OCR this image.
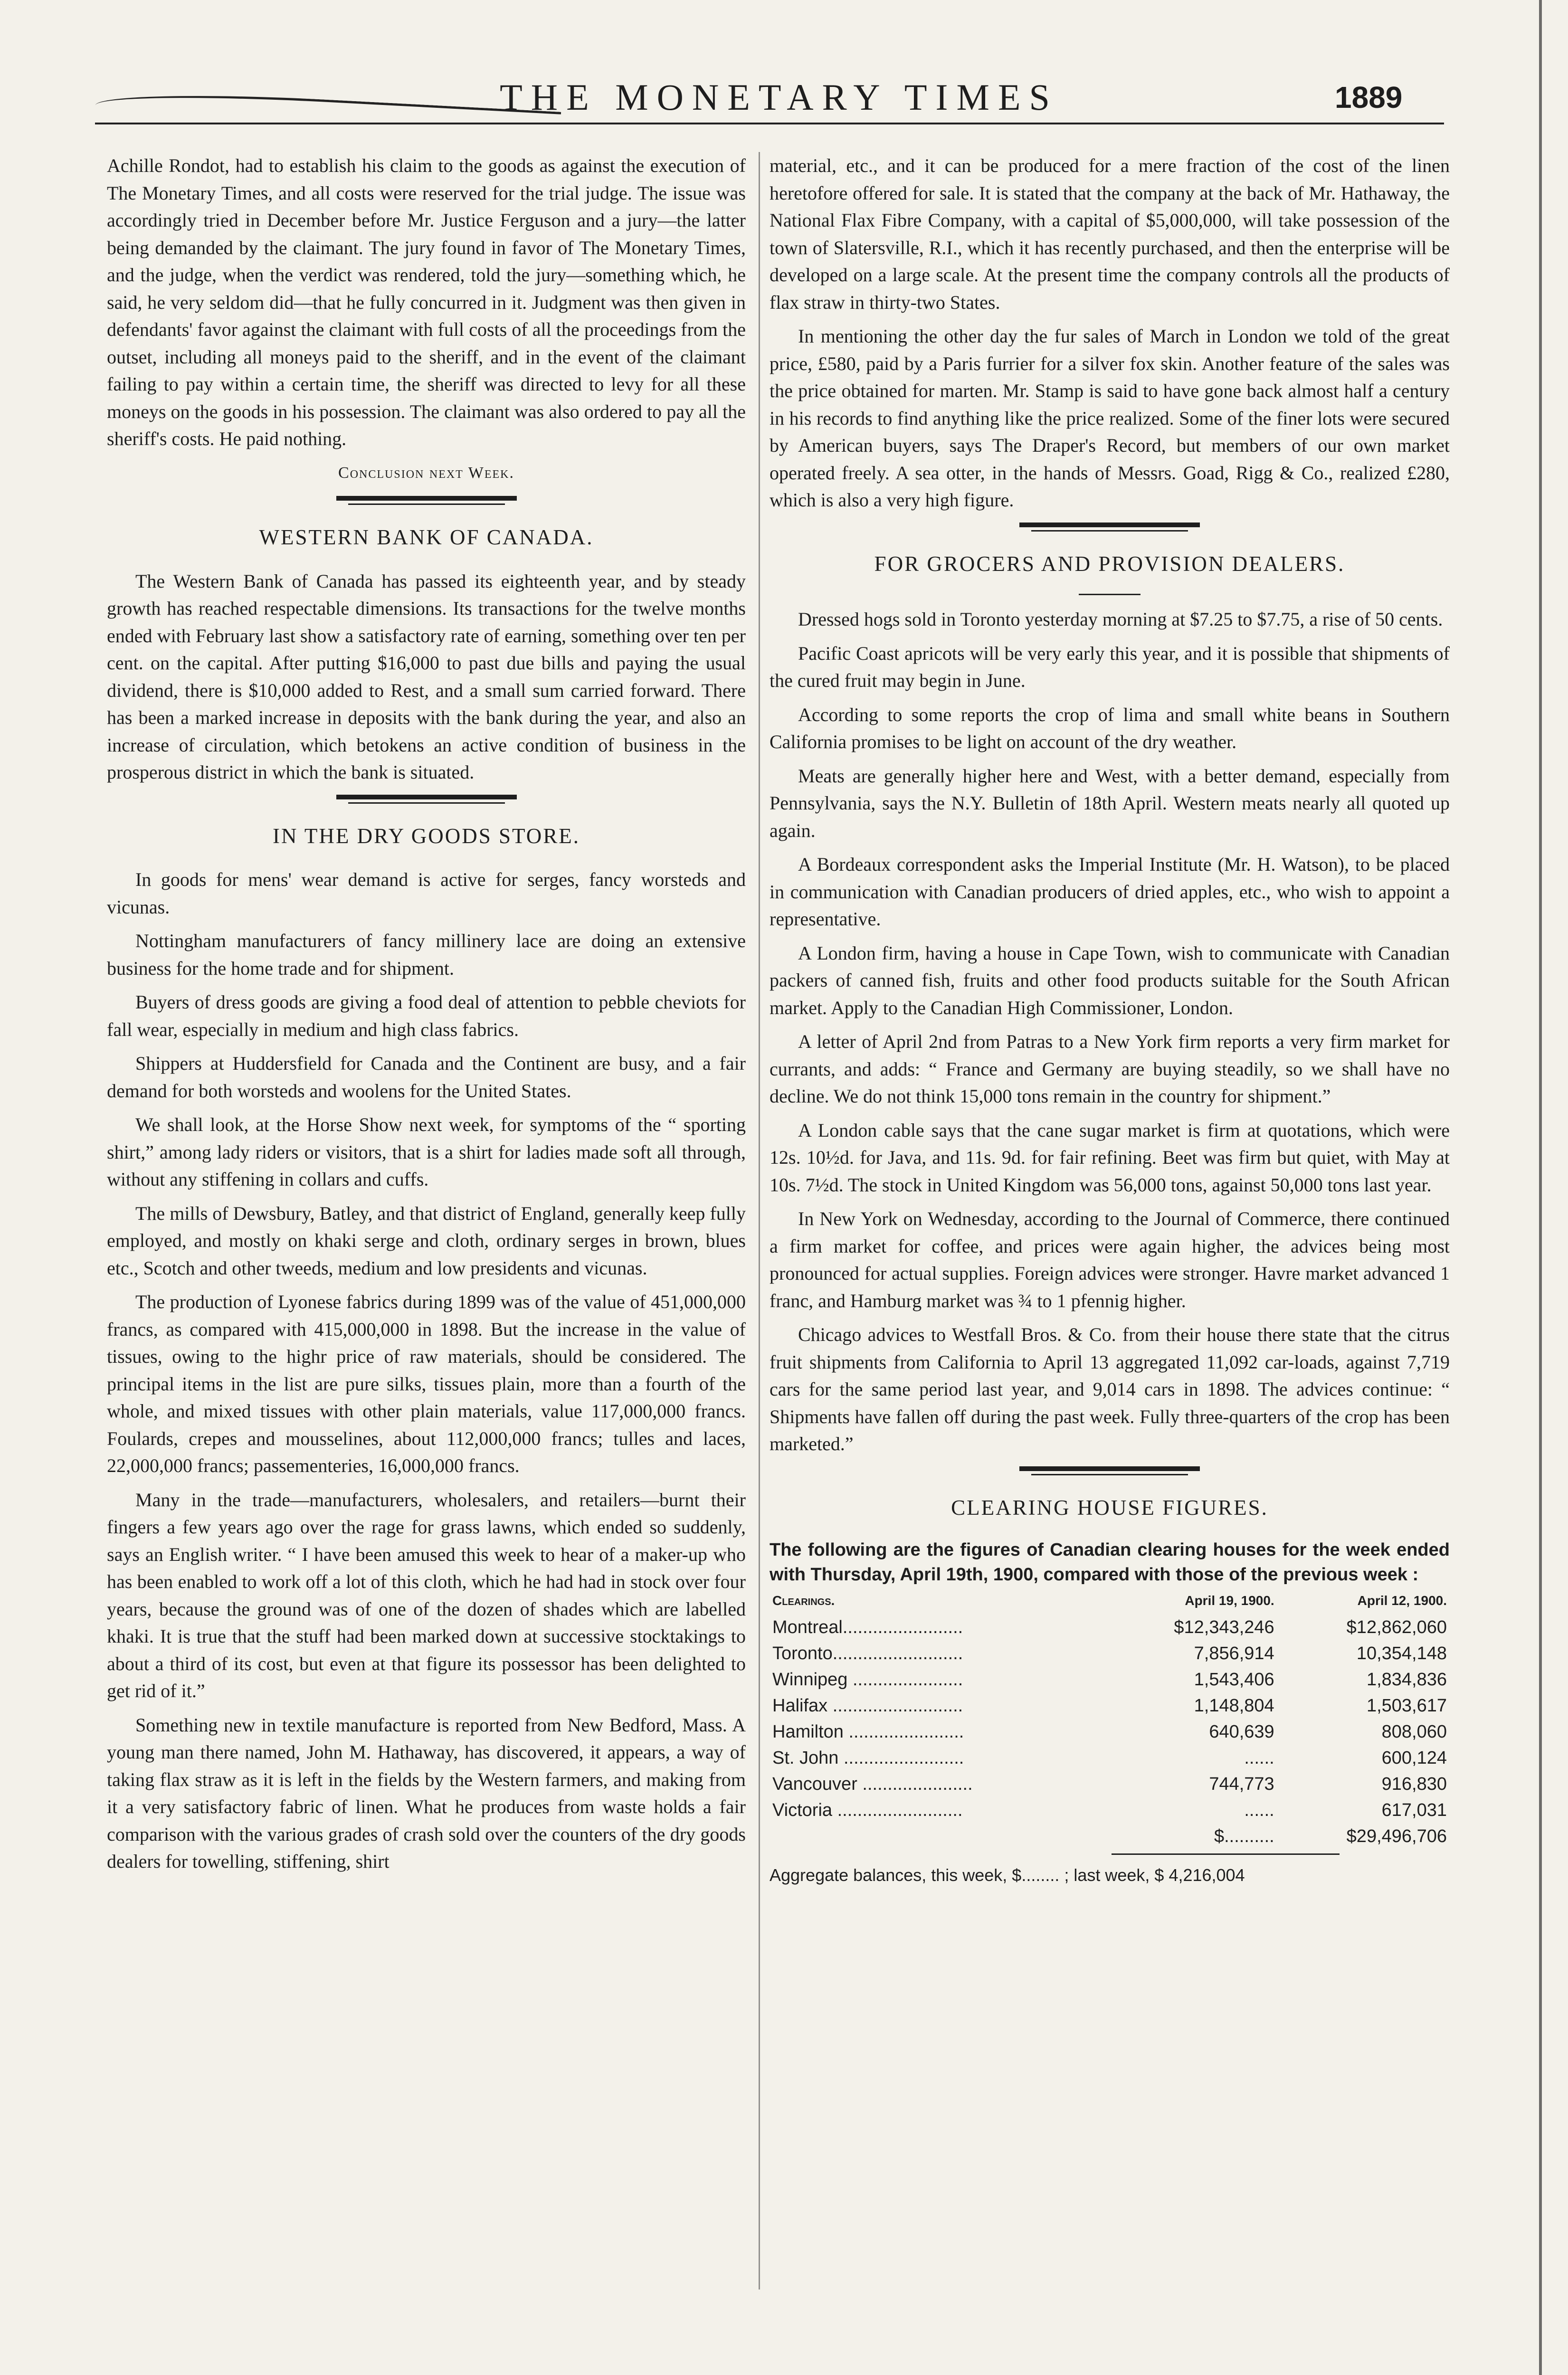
THE MONETARY TIMES	1889

Achille Rondot, had to establish his claim to the goods as against the execution of The Monetary Times, and all costs were reserved for the trial judge. The issue was accordingly tried in December before Mr. Justice Ferguson and a jury—the latter being demanded by the claimant. The jury found in favor of The Monetary Times, and the judge, when the verdict was rendered, told the jury—something which, he said, he very seldom did—that he fully concurred in it. Judgment was then given in defendants' favor against the claimant with full costs of all the proceedings from the outset, including all moneys paid to the sheriff, and in the event of the claimant failing to pay within a certain time, the sheriff was directed to levy for all these moneys on the goods in his possession. The claimant was also ordered to pay all the sheriff's costs. He paid nothing.

Conclusion next Week.
WESTERN BANK OF CANADA.

The Western Bank of Canada has passed its eighteenth year, and by steady growth has reached respectable dimensions. Its transactions for the twelve months ended with February last show a satisfactory rate of earning, something over ten per cent. on the capital. After putting $16,000 to past due bills and paying the usual dividend, there is $10,000 added to Rest, and a small sum carried forward. There has been a marked increase in deposits with the bank during the year, and also an increase of circulation, which betokens an active condition of business in the prosperous district in which the bank is situated.

IN THE DRY GOODS STORE.

In goods for mens' wear demand is active for serges, fancy worsteds and vicunas.

Nottingham manufacturers of fancy millinery lace are doing an extensive business for the home trade and for shipment.

Buyers of dress goods are giving a food deal of attention to pebble cheviots for fall wear, especially in medium and high class fabrics.

Shippers at Huddersfield for Canada and the Continent are busy, and a fair demand for both worsteds and woolens for the United States.

We shall look, at the Horse Show next week, for symptoms of the “ sporting shirt,” among lady riders or visitors, that is a shirt for ladies made soft all through, without any stiffening in collars and cuffs.

The mills of Dewsbury, Batley, and that district of England, generally keep fully employed, and mostly on khaki serge and cloth, ordinary serges in brown, blues etc., Scotch and other tweeds, medium and low presidents and vicunas.

The production of Lyonese fabrics during 1899 was of the value of 451,000,000 francs, as compared with 415,000,000 in 1898. But the increase in the value of tissues, owing to the highr price of raw materials, should be considered. The principal items in the list are pure silks, tissues plain, more than a fourth of the whole, and mixed tissues with other plain materials, value 117,000,000 francs. Foulards, crepes and mousselines, about 112,000,000 francs; tulles and laces, 22,000,000 francs; passementeries, 16,000,000 francs.

Many in the trade—manufacturers, wholesalers, and retailers—burnt their fingers a few years ago over the rage for grass lawns, which ended so suddenly, says an English writer. “ I have been amused this week to hear of a maker-up who has been enabled to work off a lot of this cloth, which he had had in stock over four years, because the ground was of one of the dozen of shades which are labelled khaki. It is true that the stuff had been marked down at successive stocktakings to about a third of its cost, but even at that figure its possessor has been delighted to get rid of it.”

Something new in textile manufacture is reported from New Bedford, Mass. A young man there named, John M. Hathaway, has discovered, it appears, a way of taking flax straw as it is left in the fields by the Western farmers, and making from it a very satisfactory fabric of linen. What he produces from waste holds a fair comparison with the various grades of crash sold over the counters of the dry goods dealers for towelling, stiffening, shirt

material, etc., and it can be produced for a mere fraction of the cost of the linen heretofore offered for sale. It is stated that the company at the back of Mr. Hathaway, the National Flax Fibre Company, with a capital of $5,000,000, will take possession of the town of Slatersville, R.I., which it has recently purchased, and then the enterprise will be developed on a large scale. At the present time the company controls all the products of flax straw in thirty-two States.

In mentioning the other day the fur sales of March in London we told of the great price, £580, paid by a Paris furrier for a silver fox skin. Another feature of the sales was the price obtained for marten. Mr. Stamp is said to have gone back almost half a century in his records to find anything like the price realized. Some of the finer lots were secured by American buyers, says The Draper's Record, but members of our own market operated freely. A sea otter, in the hands of Messrs. Goad, Rigg & Co., realized £280, which is also a very high figure.

FOR GROCERS AND PROVISION DEALERS.

Dressed hogs sold in Toronto yesterday morning at $7.25 to $7.75, a rise of 50 cents.

Pacific Coast apricots will be very early this year, and it is possible that shipments of the cured fruit may begin in June.

According to some reports the crop of lima and small white beans in Southern California promises to be light on account of the dry weather.

Meats are generally higher here and West, with a better demand, especially from Pennsylvania, says the N.Y. Bulletin of 18th April. Western meats nearly all quoted up again.

A Bordeaux correspondent asks the Imperial Institute (Mr. H. Watson), to be placed in communication with Canadian producers of dried apples, etc., who wish to appoint a representative.

A London firm, having a house in Cape Town, wish to communicate with Canadian packers of canned fish, fruits and other food products suitable for the South African market. Apply to the Canadian High Commissioner, London.

A letter of April 2nd from Patras to a New York firm reports a very firm market for currants, and adds: “ France and Germany are buying steadily, so we shall have no decline. We do not think 15,000 tons remain in the country for shipment.”

A London cable says that the cane sugar market is firm at quotations, which were 12s. 10½d. for Java, and 11s. 9d. for fair refining. Beet was firm but quiet, with May at 10s. 7½d. The stock in United Kingdom was 56,000 tons, against 50,000 tons last year.

In New York on Wednesday, according to the Journal of Commerce, there continued a firm market for coffee, and prices were again higher, the advices being most pronounced for actual supplies. Foreign advices were stronger. Havre market advanced 1 franc, and Hamburg market was ¾ to 1 pfennig higher.

Chicago advices to Westfall Bros. & Co. from their house there state that the citrus fruit shipments from California to April 13 aggregated 11,092 car-loads, against 7,719 cars for the same period last year, and 9,014 cars in 1898. The advices continue: “ Shipments have fallen off during the past week. Fully three-quarters of the crop has been marketed.”

CLEARING HOUSE FIGURES.
The following are the figures of Canadian clearing houses for the week ended with Thursday, April 19th, 1900, compared with those of the previous week :
Clearings.	April 19, 1900.	April 12, 1900.
Montreal........................	$12,343,246	$12,862,060
Toronto..........................	7,856,914	10,354,148
Winnipeg ......................	1,543,406	1,834,836
Halifax ..........................	1,148,804	1,503,617
Hamilton .......................	640,639	808,060
St. John ........................	......	600,124
Vancouver ......................	744,773	916,830
Victoria .........................	......	617,031
	$..........	$29,496,706
Aggregate balances, this week, $........ ; last week, $ 4,216,004
